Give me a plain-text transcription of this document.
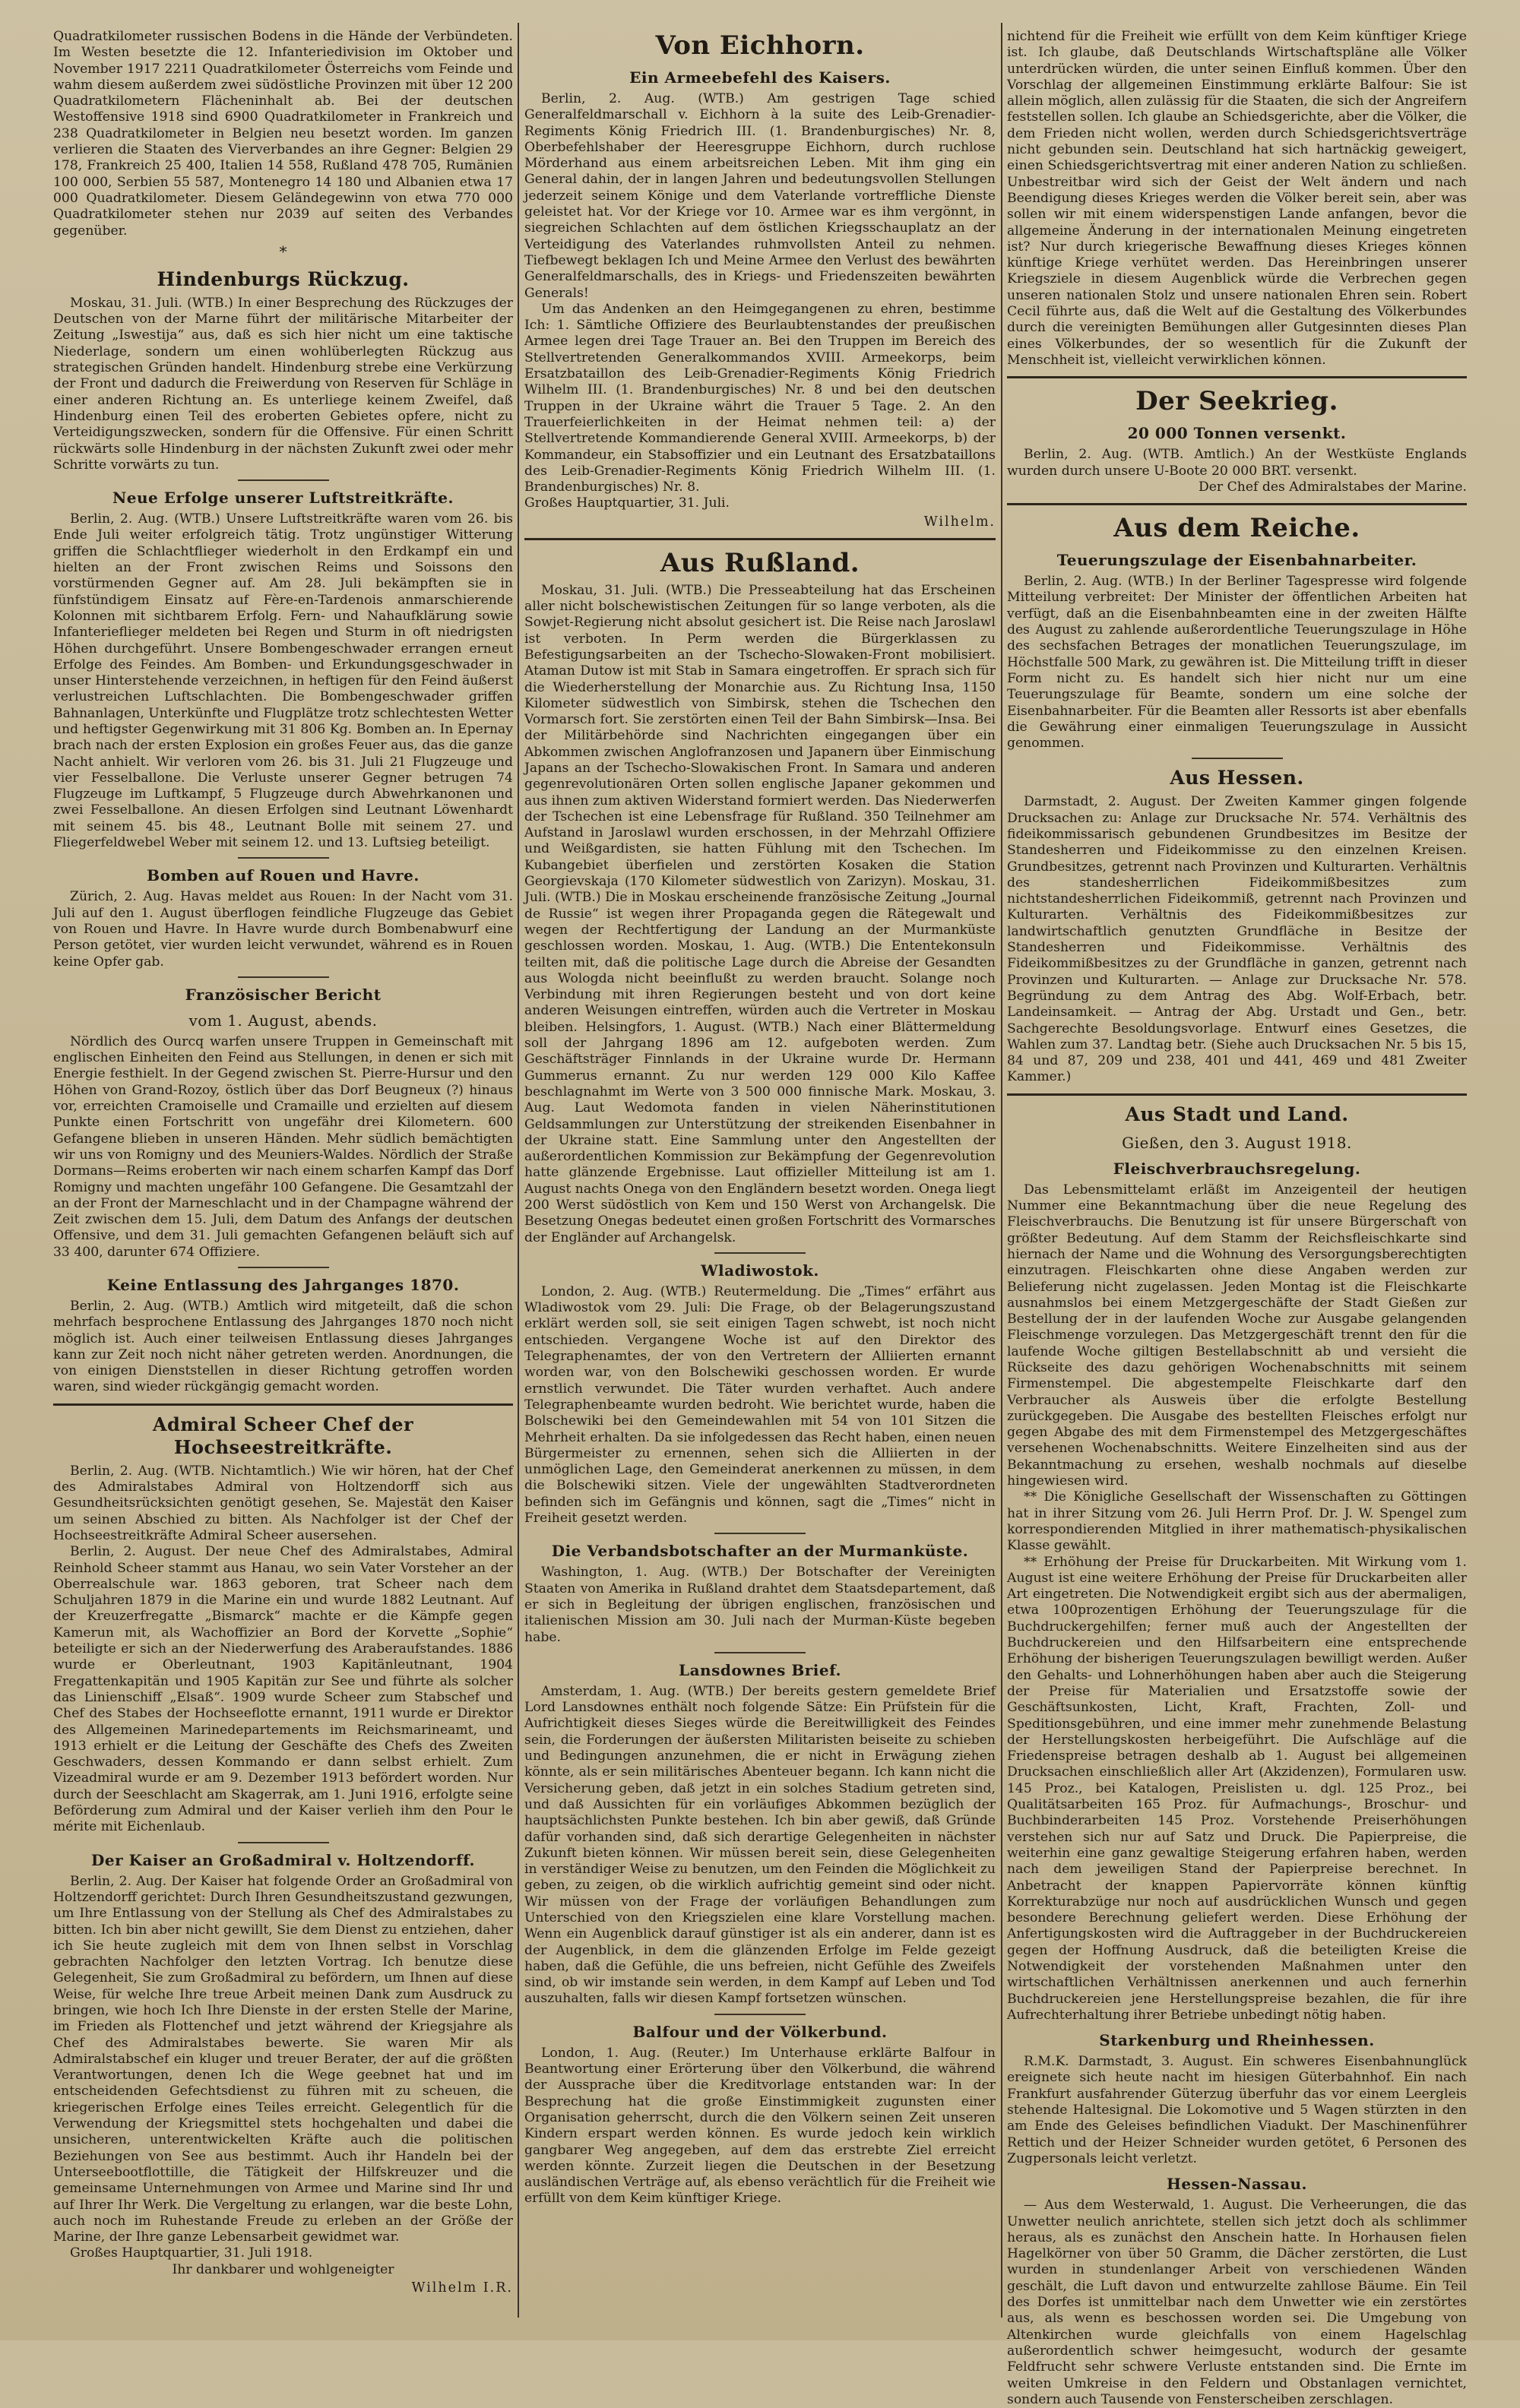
Quadratkilometer russischen Bodens in die Hände der Verbündeten. Im Westen besetzte die 12. Infanteriedivision im Oktober und November 1917 2211 Quadratkilometer Österreichs vom Feinde und wahm diesem außerdem zwei südöstliche Provinzen mit über 12 200 Quadratkilometern Flächeninhalt ab. Bei der deutschen Westoffensive 1918 sind 6900 Quadratkilometer in Frankreich und 238 Quadratkilometer in Belgien neu besetzt worden. Im ganzen verlieren die Staaten des Vierverbandes an ihre Gegner: Belgien 29 178, Frankreich 25 400, Italien 14 558, Rußland 478 705, Rumänien 100 000, Serbien 55 587, Montenegro 14 180 und Albanien etwa 17 000 Quadratkilometer. Diesem Geländegewinn von etwa 770 000 Quadratkilometer stehen nur 2039 auf seiten des Verbandes gegenüber.

*
Hindenburgs Rückzug.

Moskau, 31. Juli. (WTB.) In einer Besprechung des Rückzuges der Deutschen von der Marne führt der militärische Mitarbeiter der Zeitung „Iswestija“ aus, daß es sich hier nicht um eine taktische Niederlage, sondern um einen wohlüberlegten Rückzug aus strategischen Gründen handelt. Hindenburg strebe eine Verkürzung der Front und dadurch die Freiwerdung von Reserven für Schläge in einer anderen Richtung an. Es unterliege keinem Zweifel, daß Hindenburg einen Teil des eroberten Gebietes opfere, nicht zu Verteidigungszwecken, sondern für die Offensive. Für einen Schritt rückwärts solle Hindenburg in der nächsten Zukunft zwei oder mehr Schritte vorwärts zu tun.

Neue Erfolge unserer Luftstreitkräfte.

Berlin, 2. Aug. (WTB.) Unsere Luftstreitkräfte waren vom 26. bis Ende Juli weiter erfolgreich tätig. Trotz ungünstiger Witterung griffen die Schlachtflieger wiederholt in den Erdkampf ein und hielten an der Front zwischen Reims und Soissons den vorstürmenden Gegner auf. Am 28. Juli bekämpften sie in fünfstündigem Einsatz auf Fère-en-Tardenois anmarschierende Kolonnen mit sichtbarem Erfolg. Fern- und Nahaufklärung sowie Infanterieflieger meldeten bei Regen und Sturm in oft niedrigsten Höhen durchgeführt. Unsere Bombengeschwader errangen erneut Erfolge des Feindes. Am Bomben- und Erkundungsgeschwader in unser Hinterstehende verzeichnen, in heftigen für den Feind äußerst verlustreichen Luftschlachten. Die Bombengeschwader griffen Bahnanlagen, Unterkünfte und Flugplätze trotz schlechtesten Wetter und heftigster Gegenwirkung mit 31 806 Kg. Bomben an. In Epernay brach nach der ersten Explosion ein großes Feuer aus, das die ganze Nacht anhielt. Wir verloren vom 26. bis 31. Juli 21 Flugzeuge und vier Fesselballone. Die Verluste unserer Gegner betrugen 74 Flugzeuge im Luftkampf, 5 Flugzeuge durch Abwehrkanonen und zwei Fesselballone. An diesen Erfolgen sind Leutnant Löwenhardt mit seinem 45. bis 48., Leutnant Bolle mit seinem 27. und Fliegerfeldwebel Weber mit seinem 12. und 13. Luftsieg beteiligt.

Bomben auf Rouen und Havre.

Zürich, 2. Aug. Havas meldet aus Rouen: In der Nacht vom 31. Juli auf den 1. August überflogen feindliche Flugzeuge das Gebiet von Rouen und Havre. In Havre wurde durch Bombenabwurf eine Person getötet, vier wurden leicht verwundet, während es in Rouen keine Opfer gab.

Französischer Bericht
vom 1. August, abends.

Nördlich des Ourcq warfen unsere Truppen in Gemeinschaft mit englischen Einheiten den Feind aus Stellungen, in denen er sich mit Energie festhielt. In der Gegend zwischen St. Pierre-Hursur und den Höhen von Grand-Rozoy, östlich über das Dorf Beugneux (?) hinaus vor, erreichten Cramoiselle und Cramaille und erzielten auf diesem Punkte einen Fortschritt von ungefähr drei Kilometern. 600 Gefangene blieben in unseren Händen. Mehr südlich bemächtigten wir uns von Romigny und des Meuniers-Waldes. Nördlich der Straße Dormans—Reims eroberten wir nach einem scharfen Kampf das Dorf Romigny und machten ungefähr 100 Gefangene. Die Gesamtzahl der an der Front der Marneschlacht und in der Champagne während der Zeit zwischen dem 15. Juli, dem Datum des Anfangs der deutschen Offensive, und dem 31. Juli gemachten Gefangenen beläuft sich auf 33 400, darunter 674 Offiziere.

Keine Entlassung des Jahrganges 1870.

Berlin, 2. Aug. (WTB.) Amtlich wird mitgeteilt, daß die schon mehrfach besprochene Entlassung des Jahrganges 1870 noch nicht möglich ist. Auch einer teilweisen Entlassung dieses Jahrganges kann zur Zeit noch nicht näher getreten werden. Anordnungen, die von einigen Dienststellen in dieser Richtung getroffen worden waren, sind wieder rückgängig gemacht worden.

Admiral Scheer Chef der Hochseestreitkräfte.

Berlin, 2. Aug. (WTB. Nichtamtlich.) Wie wir hören, hat der Chef des Admiralstabes Admiral von Holtzendorff sich aus Gesundheitsrücksichten genötigt gesehen, Se. Majestät den Kaiser um seinen Abschied zu bitten. Als Nachfolger ist der Chef der Hochseestreitkräfte Admiral Scheer ausersehen.

Berlin, 2. August. Der neue Chef des Admiralstabes, Admiral Reinhold Scheer stammt aus Hanau, wo sein Vater Vorsteher an der Oberrealschule war. 1863 geboren, trat Scheer nach dem Schuljahren 1879 in die Marine ein und wurde 1882 Leutnant. Auf der Kreuzerfregatte „Bismarck“ machte er die Kämpfe gegen Kamerun mit, als Wachoffizier an Bord der Korvette „Sophie“ beteiligte er sich an der Niederwerfung des Araberaufstandes. 1886 wurde er Oberleutnant, 1903 Kapitänleutnant, 1904 Fregattenkapitän und 1905 Kapitän zur See und führte als solcher das Linienschiff „Elsaß“. 1909 wurde Scheer zum Stabschef und Chef des Stabes der Hochseeflotte ernannt, 1911 wurde er Direktor des Allgemeinen Marinedepartements im Reichsmarineamt, und 1913 erhielt er die Leitung der Geschäfte des Chefs des Zweiten Geschwaders, dessen Kommando er dann selbst erhielt. Zum Vizeadmiral wurde er am 9. Dezember 1913 befördert worden. Nur durch der Seeschlacht am Skagerrak, am 1. Juni 1916, erfolgte seine Beförderung zum Admiral und der Kaiser verlieh ihm den Pour le mérite mit Eichenlaub.

Der Kaiser an Großadmiral v. Holtzendorff.

Berlin, 2. Aug. Der Kaiser hat folgende Order an Großadmiral von Holtzendorff gerichtet: Durch Ihren Gesundheitszustand gezwungen, um Ihre Entlassung von der Stellung als Chef des Admiralstabes zu bitten. Ich bin aber nicht gewillt, Sie dem Dienst zu entziehen, daher ich Sie heute zugleich mit dem von Ihnen selbst in Vorschlag gebrachten Nachfolger den letzten Vortrag. Ich benutze diese Gelegenheit, Sie zum Großadmiral zu befördern, um Ihnen auf diese Weise, für welche Ihre treue Arbeit meinen Dank zum Ausdruck zu bringen, wie hoch Ich Ihre Dienste in der ersten Stelle der Marine, im Frieden als Flottenchef und jetzt während der Kriegsjahre als Chef des Admiralstabes bewerte. Sie waren Mir als Admiralstabschef ein kluger und treuer Berater, der auf die größten Verantwortungen, denen Ich die Wege geebnet hat und im entscheidenden Gefechtsdienst zu führen mit zu scheuen, die kriegerischen Erfolge eines Teiles erreicht. Gelegentlich für die Verwendung der Kriegsmittel stets hochgehalten und dabei die unsicheren, unterentwickelten Kräfte auch die politischen Beziehungen von See aus bestimmt. Auch ihr Handeln bei der Unterseebootflottille, die Tätigkeit der Hilfskreuzer und die gemeinsame Unternehmungen von Armee und Marine sind Ihr und auf Ihrer Ihr Werk. Die Vergeltung zu erlangen, war die beste Lohn, auch noch im Ruhestande Freude zu erleben an der Größe der Marine, der Ihre ganze Lebensarbeit gewidmet war.

Großes Hauptquartier, 31. Juli 1918.

Ihr dankbarer und wohlgeneigter

Wilhelm I.R.
Von Eichhorn.
Ein Armeebefehl des Kaisers.

Berlin, 2. Aug. (WTB.) Am gestrigen Tage schied Generalfeldmarschall v. Eichhorn à la suite des Leib-Grenadier-Regiments König Friedrich III. (1. Brandenburgisches) Nr. 8, Oberbefehlshaber der Heeresgruppe Eichhorn, durch ruchlose Mörderhand aus einem arbeitsreichen Leben. Mit ihm ging ein General dahin, der in langen Jahren und bedeutungsvollen Stellungen jederzeit seinem Könige und dem Vaterlande vortreffliche Dienste geleistet hat. Vor der Kriege vor 10. Armee war es ihm vergönnt, in siegreichen Schlachten auf dem östlichen Kriegsschauplatz an der Verteidigung des Vaterlandes ruhmvollsten Anteil zu nehmen. Tiefbewegt beklagen Ich und Meine Armee den Verlust des bewährten Generalfeldmarschalls, des in Kriegs- und Friedenszeiten bewährten Generals!

Um das Andenken an den Heimgegangenen zu ehren, bestimme Ich: 1. Sämtliche Offiziere des Beurlaubtenstandes der preußischen Armee legen drei Tage Trauer an. Bei den Truppen im Bereich des Stellvertretenden Generalkommandos XVIII. Armeekorps, beim Ersatzbataillon des Leib-Grenadier-Regiments König Friedrich Wilhelm III. (1. Brandenburgisches) Nr. 8 und bei den deutschen Truppen in der Ukraine währt die Trauer 5 Tage. 2. An den Trauerfeierlichkeiten in der Heimat nehmen teil: a) der Stellvertretende Kommandierende General XVIII. Armeekorps, b) der Kommandeur, ein Stabsoffizier und ein Leutnant des Ersatzbataillons des Leib-Grenadier-Regiments König Friedrich Wilhelm III. (1. Brandenburgisches) Nr. 8.

Großes Hauptquartier, 31. Juli.

Wilhelm.
Aus Rußland.

Moskau, 31. Juli. (WTB.) Die Presseabteilung hat das Erscheinen aller nicht bolschewistischen Zeitungen für so lange verboten, als die Sowjet-Regierung nicht absolut gesichert ist. Die Reise nach Jaroslawl ist verboten. In Perm werden die Bürgerklassen zu Befestigungsarbeiten an der Tschecho-Slowaken-Front mobilisiert. Ataman Dutow ist mit Stab in Samara eingetroffen. Er sprach sich für die Wiederherstellung der Monarchie aus. Zu Richtung Insa, 1150 Kilometer südwestlich von Simbirsk, stehen die Tschechen den Vormarsch fort. Sie zerstörten einen Teil der Bahn Simbirsk—Insa. Bei der Militärbehörde sind Nachrichten eingegangen über ein Abkommen zwischen Anglofranzosen und Japanern über Einmischung Japans an der Tschecho-Slowakischen Front. In Samara und anderen gegenrevolutionären Orten sollen englische Japaner gekommen und aus ihnen zum aktiven Widerstand formiert werden. Das Niederwerfen der Tschechen ist eine Lebensfrage für Rußland. 350 Teilnehmer am Aufstand in Jaroslawl wurden erschossen, in der Mehrzahl Offiziere und Weißgardisten, sie hatten Fühlung mit den Tschechen. Im Kubangebiet überfielen und zerstörten Kosaken die Station Georgievskaja (170 Kilometer südwestlich von Zarizyn). Moskau, 31. Juli. (WTB.) Die in Moskau erscheinende französische Zeitung „Journal de Russie“ ist wegen ihrer Propaganda gegen die Rätegewalt und wegen der Rechtfertigung der Landung an der Murmanküste geschlossen worden. Moskau, 1. Aug. (WTB.) Die Ententekonsuln teilten mit, daß die politische Lage durch die Abreise der Gesandten aus Wologda nicht beeinflußt zu werden braucht. Solange noch Verbindung mit ihren Regierungen besteht und von dort keine anderen Weisungen eintreffen, würden auch die Vertreter in Moskau bleiben. Helsingfors, 1. August. (WTB.) Nach einer Blättermeldung soll der Jahrgang 1896 am 12. aufgeboten werden. Zum Geschäftsträger Finnlands in der Ukraine wurde Dr. Hermann Gummerus ernannt. Zu nur werden 129 000 Kilo Kaffee beschlagnahmt im Werte von 3 500 000 finnische Mark. Moskau, 3. Aug. Laut Wedomota fanden in vielen Näherinstitutionen Geldsammlungen zur Unterstützung der streikenden Eisenbahner in der Ukraine statt. Eine Sammlung unter den Angestellten der außerordentlichen Kommission zur Bekämpfung der Gegenrevolution hatte glänzende Ergebnisse. Laut offizieller Mitteilung ist am 1. August nachts Onega von den Engländern besetzt worden. Onega liegt 200 Werst südöstlich von Kem und 150 Werst von Archangelsk. Die Besetzung Onegas bedeutet einen großen Fortschritt des Vormarsches der Engländer auf Archangelsk.

Wladiwostok.

London, 2. Aug. (WTB.) Reutermeldung. Die „Times“ erfährt aus Wladiwostok vom 29. Juli: Die Frage, ob der Belagerungszustand erklärt werden soll, sie seit einigen Tagen schwebt, ist noch nicht entschieden. Vergangene Woche ist auf den Direktor des Telegraphenamtes, der von den Vertretern der Alliierten ernannt worden war, von den Bolschewiki geschossen worden. Er wurde ernstlich verwundet. Die Täter wurden verhaftet. Auch andere Telegraphenbeamte wurden bedroht. Wie berichtet wurde, haben die Bolschewiki bei den Gemeindewahlen mit 54 von 101 Sitzen die Mehrheit erhalten. Da sie infolgedessen das Recht haben, einen neuen Bürgermeister zu ernennen, sehen sich die Alliierten in der unmöglichen Lage, den Gemeinderat anerkennen zu müssen, in dem die Bolschewiki sitzen. Viele der ungewählten Stadtverordneten befinden sich im Gefängnis und können, sagt die „Times“ nicht in Freiheit gesetzt werden.

Die Verbandsbotschafter an der Murmanküste.

Washington, 1. Aug. (WTB.) Der Botschafter der Vereinigten Staaten von Amerika in Rußland drahtet dem Staatsdepartement, daß er sich in Begleitung der übrigen englischen, französischen und italienischen Mission am 30. Juli nach der Murman-Küste begeben habe.

Lansdownes Brief.

Amsterdam, 1. Aug. (WTB.) Der bereits gestern gemeldete Brief Lord Lansdownes enthält noch folgende Sätze: Ein Prüfstein für die Aufrichtigkeit dieses Sieges würde die Bereitwilligkeit des Feindes sein, die Forderungen der äußersten Militaristen beiseite zu schieben und Bedingungen anzunehmen, die er nicht in Erwägung ziehen könnte, als er sein militärisches Abenteuer begann. Ich kann nicht die Versicherung geben, daß jetzt in ein solches Stadium getreten sind, und daß Aussichten für ein vorläufiges Abkommen bezüglich der hauptsächlichsten Punkte bestehen. Ich bin aber gewiß, daß Gründe dafür vorhanden sind, daß sich derartige Gelegenheiten in nächster Zukunft bieten können. Wir müssen bereit sein, diese Gelegenheiten in verständiger Weise zu benutzen, um den Feinden die Möglichkeit zu geben, zu zeigen, ob die wirklich aufrichtig gemeint sind oder nicht. Wir müssen von der Frage der vorläufigen Behandlungen zum Unterschied von den Kriegszielen eine klare Vorstellung machen. Wenn ein Augenblick darauf günstiger ist als ein anderer, dann ist es der Augenblick, in dem die glänzenden Erfolge im Felde gezeigt haben, daß die Gefühle, die uns befreien, nicht Gefühle des Zweifels sind, ob wir imstande sein werden, in dem Kampf auf Leben und Tod auszuhalten, falls wir diesen Kampf fortsetzen wünschen.

Balfour und der Völkerbund.

London, 1. Aug. (Reuter.) Im Unterhause erklärte Balfour in Beantwortung einer Erörterung über den Völkerbund, die während der Aussprache über die Kreditvorlage entstanden war: In der Besprechung hat die große Einstimmigkeit zugunsten einer Organisation geherrscht, durch die den Völkern seinen Zeit unseren Kindern erspart werden können. Es wurde jedoch kein wirklich gangbarer Weg angegeben, auf dem das erstrebte Ziel erreicht werden könnte. Zurzeit liegen die Deutschen in der Besetzung ausländischen Verträge auf, als ebenso verächtlich für die Freiheit wie erfüllt von dem Keim künftiger Kriege.

nichtend für die Freiheit wie erfüllt von dem Keim künftiger Kriege ist. Ich glaube, daß Deutschlands Wirtschaftspläne alle Völker unterdrücken würden, die unter seinen Einfluß kommen. Über den Vorschlag der allgemeinen Einstimmung erklärte Balfour: Sie ist allein möglich, allen zulässig für die Staaten, die sich der Angreifern feststellen sollen. Ich glaube an Schiedsgerichte, aber die Völker, die dem Frieden nicht wollen, werden durch Schiedsgerichtsverträge nicht gebunden sein. Deutschland hat sich hartnäckig geweigert, einen Schiedsgerichtsvertrag mit einer anderen Nation zu schließen. Unbestreitbar wird sich der Geist der Welt ändern und nach Beendigung dieses Krieges werden die Völker bereit sein, aber was sollen wir mit einem widerspenstigen Lande anfangen, bevor die allgemeine Änderung in der internationalen Meinung eingetreten ist? Nur durch kriegerische Bewaffnung dieses Krieges können künftige Kriege verhütet werden. Das Hereinbringen unserer Kriegsziele in diesem Augenblick würde die Verbrechen gegen unseren nationalen Stolz und unsere nationalen Ehren sein. Robert Cecil führte aus, daß die Welt auf die Gestaltung des Völkerbundes durch die vereinigten Bemühungen aller Gutgesinnten dieses Plan eines Völkerbundes, der so wesentlich für die Zukunft der Menschheit ist, vielleicht verwirklichen können.

Der Seekrieg.
20 000 Tonnen versenkt.

Berlin, 2. Aug. (WTB. Amtlich.) An der Westküste Englands wurden durch unsere U-Boote 20 000 BRT. versenkt.

Der Chef des Admiralstabes der Marine.

Aus dem Reiche.
Teuerungszulage der Eisenbahnarbeiter.

Berlin, 2. Aug. (WTB.) In der Berliner Tagespresse wird folgende Mitteilung verbreitet: Der Minister der öffentlichen Arbeiten hat verfügt, daß an die Eisenbahnbeamten eine in der zweiten Hälfte des August zu zahlende außerordentliche Teuerungszulage in Höhe des sechsfachen Betrages der monatlichen Teuerungszulage, im Höchstfalle 500 Mark, zu gewähren ist. Die Mitteilung trifft in dieser Form nicht zu. Es handelt sich hier nicht nur um eine Teuerungszulage für Beamte, sondern um eine solche der Eisenbahnarbeiter. Für die Beamten aller Ressorts ist aber ebenfalls die Gewährung einer einmaligen Teuerungszulage in Aussicht genommen.

Aus Hessen.

Darmstadt, 2. August. Der Zweiten Kammer gingen folgende Drucksachen zu: Anlage zur Drucksache Nr. 574. Verhältnis des fideikommissarisch gebundenen Grundbesitzes im Besitze der Standesherren und Fideikommisse zu den einzelnen Kreisen. Grundbesitzes, getrennt nach Provinzen und Kulturarten. Verhältnis des standesherrlichen Fideikommißbesitzes zum nichtstandesherrlichen Fideikommiß, getrennt nach Provinzen und Kulturarten. Verhältnis des Fideikommißbesitzes zur landwirtschaftlich genutzten Grundfläche in Besitze der Standesherren und Fideikommisse. Verhältnis des Fideikommißbesitzes zu der Grundfläche in ganzen, getrennt nach Provinzen und Kulturarten. — Anlage zur Drucksache Nr. 578. Begründung zu dem Antrag des Abg. Wolf-Erbach, betr. Landeinsamkeit. — Antrag der Abg. Urstadt und Gen., betr. Sachgerechte Besoldungsvorlage. Entwurf eines Gesetzes, die Wahlen zum 37. Landtag betr. (Siehe auch Drucksachen Nr. 5 bis 15, 84 und 87, 209 und 238, 401 und 441, 469 und 481 Zweiter Kammer.)

Aus Stadt und Land.
Gießen, den 3. August 1918.
Fleischverbrauchsregelung.

Das Lebensmittelamt erläßt im Anzeigenteil der heutigen Nummer eine Bekanntmachung über die neue Regelung des Fleischverbrauchs. Die Benutzung ist für unsere Bürgerschaft von größter Bedeutung. Auf dem Stamm der Reichsfleischkarte sind hiernach der Name und die Wohnung des Versorgungsberechtigten einzutragen. Fleischkarten ohne diese Angaben werden zur Belieferung nicht zugelassen. Jeden Montag ist die Fleischkarte ausnahmslos bei einem Metzgergeschäfte der Stadt Gießen zur Bestellung der in der laufenden Woche zur Ausgabe gelangenden Fleischmenge vorzulegen. Das Metzgergeschäft trennt den für die laufende Woche giltigen Bestellabschnitt ab und versieht die Rückseite des dazu gehörigen Wochenabschnitts mit seinem Firmenstempel. Die abgestempelte Fleischkarte darf den Verbraucher als Ausweis über die erfolgte Bestellung zurückgegeben. Die Ausgabe des bestellten Fleisches erfolgt nur gegen Abgabe des mit dem Firmenstempel des Metzgergeschäftes versehenen Wochenabschnitts. Weitere Einzelheiten sind aus der Bekanntmachung zu ersehen, weshalb nochmals auf dieselbe hingewiesen wird.

** Die Königliche Gesellschaft der Wissenschaften zu Göttingen hat in ihrer Sitzung vom 26. Juli Herrn Prof. Dr. J. W. Spengel zum korrespondierenden Mitglied in ihrer mathematisch-physikalischen Klasse gewählt.

** Erhöhung der Preise für Druckarbeiten. Mit Wirkung vom 1. August ist eine weitere Erhöhung der Preise für Druckarbeiten aller Art eingetreten. Die Notwendigkeit ergibt sich aus der abermaligen, etwa 100prozentigen Erhöhung der Teuerungszulage für die Buchdruckergehilfen; ferner muß auch der Angestellten der Buchdruckereien und den Hilfsarbeitern eine entsprechende Erhöhung der bisherigen Teuerungszulagen bewilligt werden. Außer den Gehalts- und Lohnerhöhungen haben aber auch die Steigerung der Preise für Materialien und Ersatzstoffe sowie der Geschäftsunkosten, Licht, Kraft, Frachten, Zoll- und Speditionsgebühren, und eine immer mehr zunehmende Belastung der Herstellungskosten herbeigeführt. Die Aufschläge auf die Friedenspreise betragen deshalb ab 1. August bei allgemeinen Drucksachen einschließlich aller Art (Akzidenzen), Formularen usw. 145 Proz., bei Katalogen, Preislisten u. dgl. 125 Proz., bei Qualitätsarbeiten 165 Proz. für Aufmachungs-, Broschur- und Buchbinderarbeiten 145 Proz. Vorstehende Preiserhöhungen verstehen sich nur auf Satz und Druck. Die Papierpreise, die weiterhin eine ganz gewaltige Steigerung erfahren haben, werden nach dem jeweiligen Stand der Papierpreise berechnet. In Anbetracht der knappen Papiervorräte können künftig Korrekturabzüge nur noch auf ausdrücklichen Wunsch und gegen besondere Berechnung geliefert werden. Diese Erhöhung der Anfertigungskosten wird die Auftraggeber in der Buchdruckereien gegen der Hoffnung Ausdruck, daß die beteiligten Kreise die Notwendigkeit der vorstehenden Maßnahmen unter den wirtschaftlichen Verhältnissen anerkennen und auch fernerhin Buchdruckereien jene Herstellungspreise bezahlen, die für ihre Aufrechterhaltung ihrer Betriebe unbedingt nötig haben.

Starkenburg und Rheinhessen.

R.M.K. Darmstadt, 3. August. Ein schweres Eisenbahnunglück ereignete sich heute nacht im hiesigen Güterbahnhof. Ein nach Frankfurt ausfahrender Güterzug überfuhr das vor einem Leergleis stehende Haltesignal. Die Lokomotive und 5 Wagen stürzten in den am Ende des Geleises befindlichen Viadukt. Der Maschinenführer Rettich und der Heizer Schneider wurden getötet, 6 Personen des Zugpersonals leicht verletzt.

Hessen-Nassau.

— Aus dem Westerwald, 1. August. Die Verheerungen, die das Unwetter neulich anrichtete, stellen sich jetzt doch als schlimmer heraus, als es zunächst den Anschein hatte. In Horhausen fielen Hagelkörner von über 50 Gramm, die Dächer zerstörten, die Lust wurden in stundenlanger Arbeit von verschiedenen Wänden geschält, die Luft davon und entwurzelte zahllose Bäume. Ein Teil des Dorfes ist unmittelbar nach dem Unwetter wie ein zerstörtes aus, als wenn es beschossen worden sei. Die Umgebung von Altenkirchen wurde gleichfalls von einem Hagelschlag außerordentlich schwer heimgesucht, wodurch der gesamte Feldfrucht sehr schwere Verluste entstanden sind. Die Ernte im weiten Umkreise in den Feldern und Obstanlagen vernichtet, sondern auch Tausende von Fensterscheiben zerschlagen.
